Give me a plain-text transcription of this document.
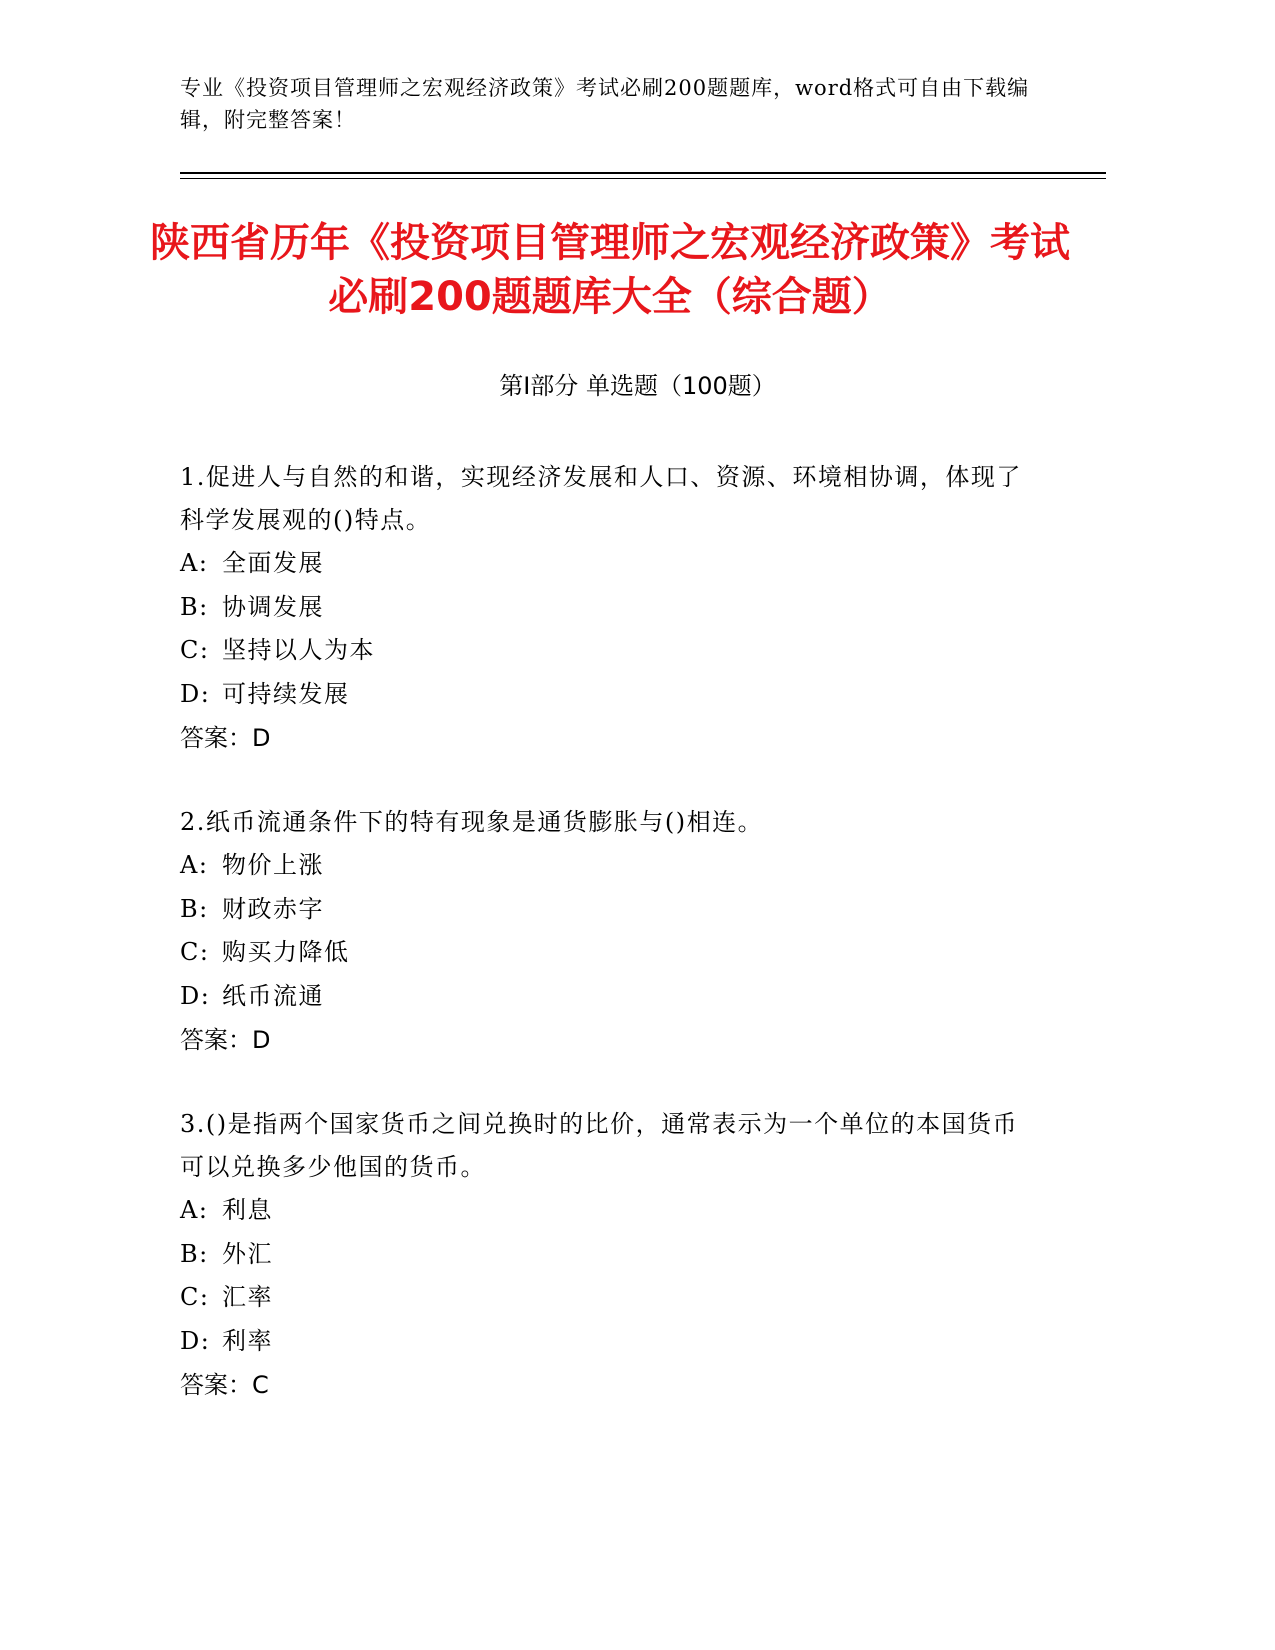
专业《投资项目管理师之宏观经济政策》考试必刷200题题库，word格式可自由下载编辑，附完整答案！
陕西省历年《投资项目管理师之宏观经济政策》考试必刷200题题库大全（综合题）
第I部分 单选题（100题）
1.促进人与自然的和谐，实现经济发展和人口、资源、环境相协调，体现了科学发展观的()特点。
A: 全面发展
B: 协调发展
C: 坚持以人为本
D: 可持续发展
答案：D
2.纸币流通条件下的特有现象是通货膨胀与()相连。
A: 物价上涨
B: 财政赤字
C: 购买力降低
D: 纸币流通
答案：D
3.()是指两个国家货币之间兑换时的比价，通常表示为一个单位的本国货币可以兑换多少他国的货币。
A: 利息
B: 外汇
C: 汇率
D: 利率
答案：C
